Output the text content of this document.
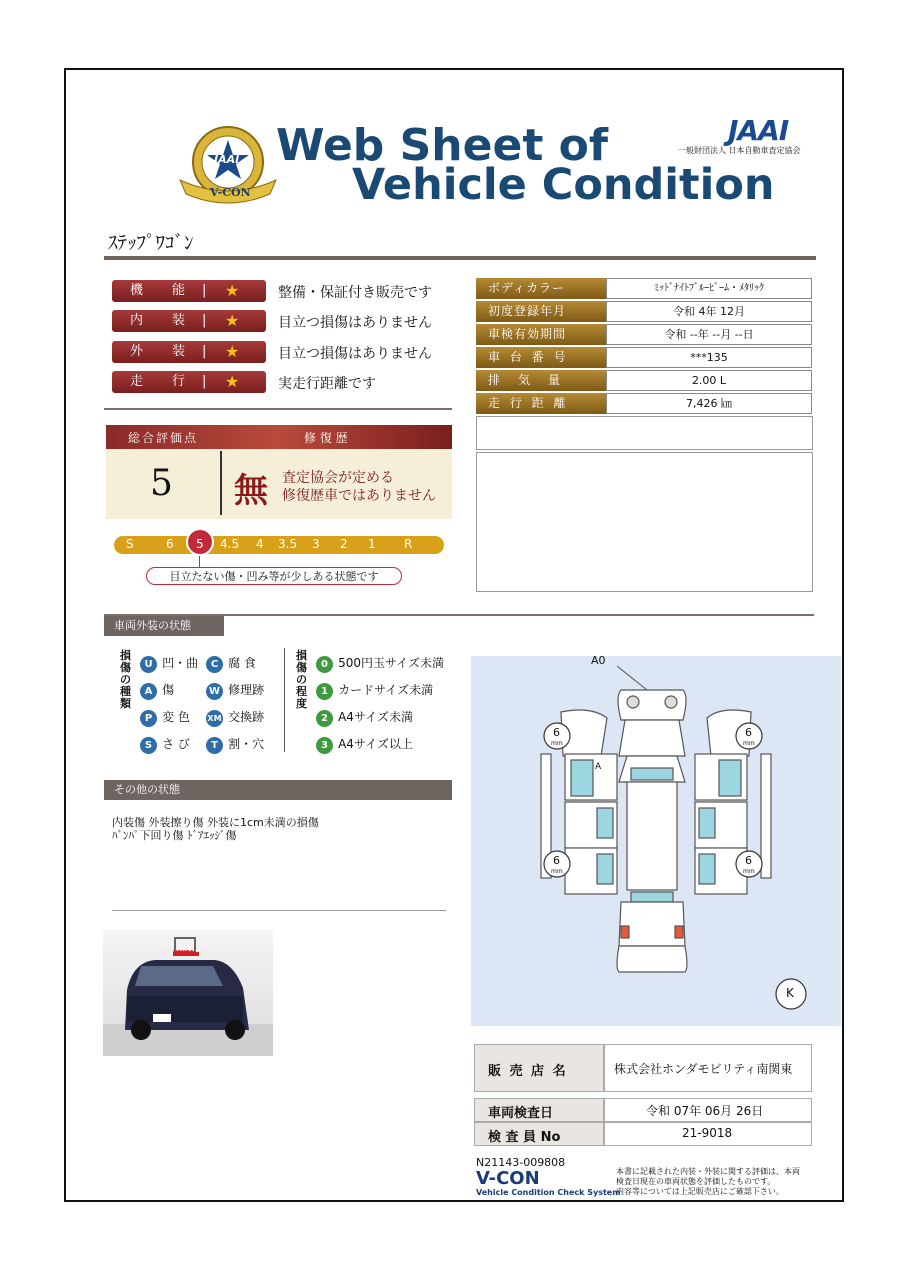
JAAI
V-CON
Web Sheet of
Vehicle Condition
JAAI
一般財団法人 日本自動車査定協会
ｽﾃｯﾌﾟﾜｺﾞﾝ
機　能 | ★	整備・保証付き販売です
内　装 | ★	目立つ損傷はありません
外　装 | ★	目立つ損傷はありません
走　行 | ★	実走行距離です
ボディカラー	ﾐｯﾄﾞﾅｲﾄﾌﾞﾙｰﾋﾞｰﾑ・ﾒﾀﾘｯｸ
初度登録年月	令和 4年 12月
車検有効期間	令和 --年 --月 --日
車 台 番 号	***135
排　気　量	2.00 L
走 行 距 離	7,426 ㎞
総合評価点	修 復 歴
5 無 査定協会が定める
修復歴車ではありません
S	6 5 4.5 4 3.5 3 2 1 R
目立たない傷・凹み等が少しある状態です
車両外装の状態
損傷の種類
U 凹・曲	C 腐 食
A 傷	W 修理跡
P 変 色 XM 交換跡
S さ び	T 割・穴
損傷の程度
0 500円玉サイズ未満
1 カードサイズ未満
2 A4サイズ未満
3 A4サイズ以上
その他の状態
内装傷 外装擦り傷 外装に1cm未満の損傷
ﾊﾞﾝﾊﾟ下回り傷 ﾄﾞｱｴｯｼﾞ傷
HONDA
A0
A
6
mm
6
mm
6
mm
6
mm
K
販 売 店 名	株式会社ホンダモビリティ南関東
車両検査日	令和 07年 06月 26日
検 査 員 No	21-9018
N21143-009808
V-CON
Vehicle Condition Check System
本書に記載された内装・外装に関する評価は、本両
検査日現在の車両状態を評価したものです。
内容等については上記販売店にご確認下さい。
